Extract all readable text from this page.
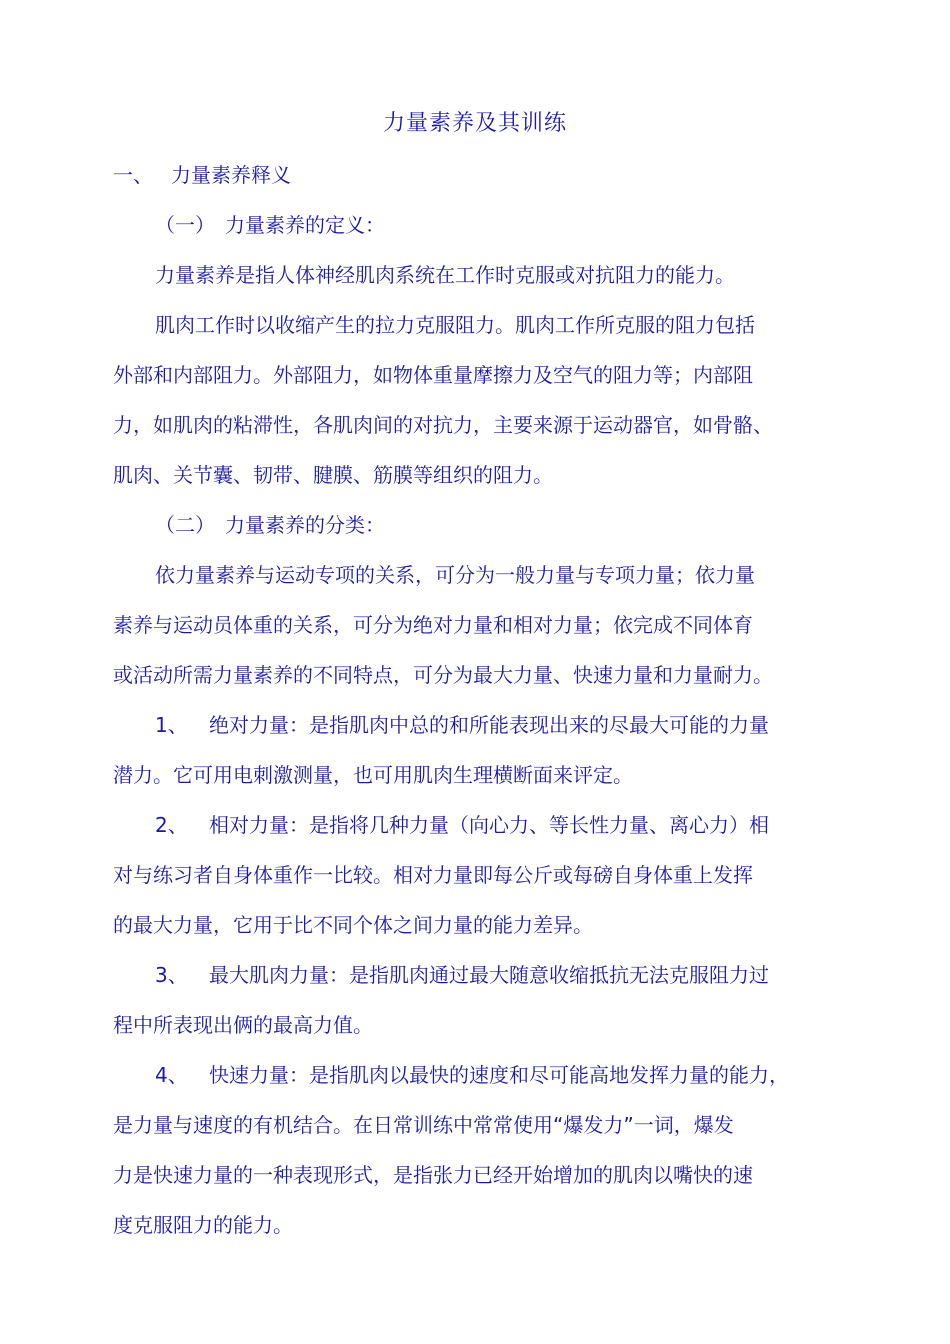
力量素养及其训练
一、 力量素养释义
（一） 力量素养的定义：
力量素养是指人体神经肌肉系统在工作时克服或对抗阻力的能力。
肌肉工作时以收缩产生的拉力克服阻力。肌肉工作所克服的阻力包括
外部和内部阻力。外部阻力，如物体重量摩擦力及空气的阻力等；内部阻
力，如肌肉的粘滞性，各肌肉间的对抗力，主要来源于运动器官，如骨骼、
肌肉、关节囊、韧带、腱膜、筋膜等组织的阻力。
（二） 力量素养的分类：
依力量素养与运动专项的关系，可分为一般力量与专项力量；依力量
素养与运动员体重的关系，可分为绝对力量和相对力量；依完成不同体育
或活动所需力量素养的不同特点，可分为最大力量、快速力量和力量耐力。
1、 绝对力量：是指肌肉中总的和所能表现出来的尽最大可能的力量
潜力。它可用电刺激测量，也可用肌肉生理横断面来评定。
2、 相对力量：是指将几种力量（向心力、等长性力量、离心力）相
对与练习者自身体重作一比较。相对力量即每公斤或每磅自身体重上发挥
的最大力量，它用于比不同个体之间力量的能力差异。
3、 最大肌肉力量：是指肌肉通过最大随意收缩抵抗无法克服阻力过
程中所表现出俩的最高力值。
4、 快速力量：是指肌肉以最快的速度和尽可能高地发挥力量的能力，
是力量与速度的有机结合。在日常训练中常常使用“爆发力”一词，爆发
力是快速力量的一种表现形式，是指张力已经开始增加的肌肉以嘴快的速
度克服阻力的能力。
